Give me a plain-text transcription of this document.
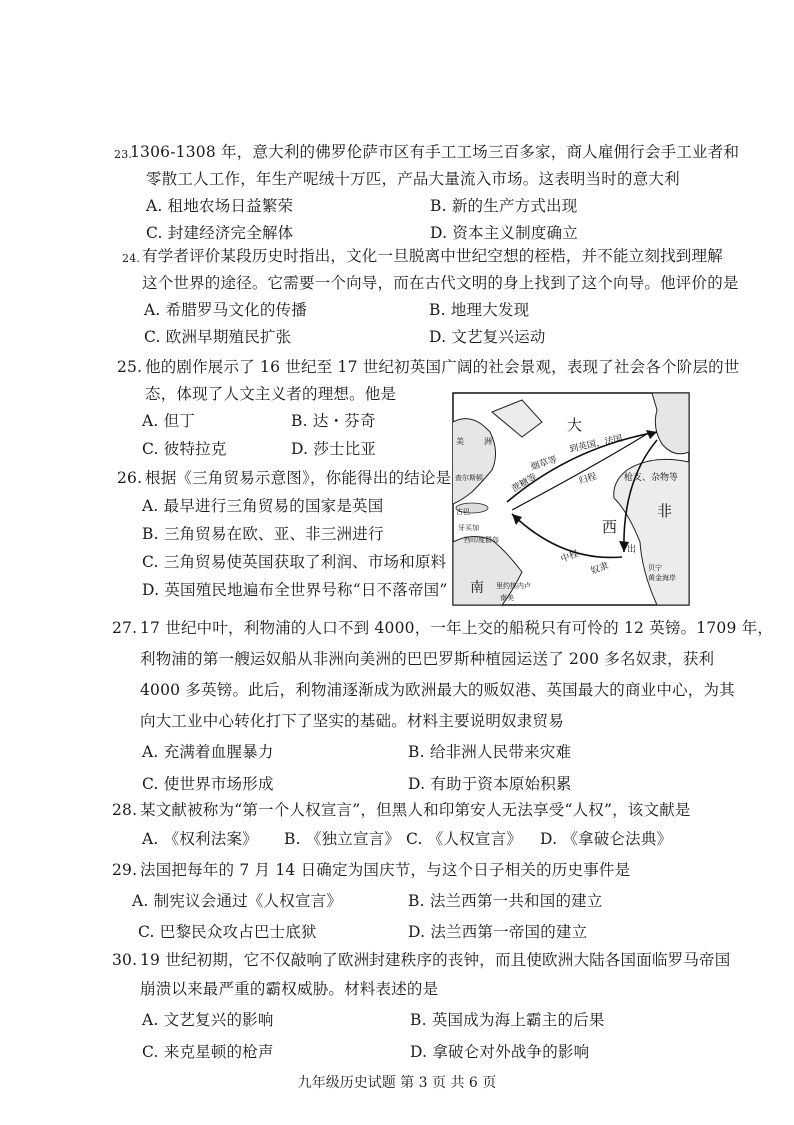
23.
1306-1308 年，意大利的佛罗伦萨市区有手工工场三百多家，商人雇佣行会手工业者和
零散工人工作，年生产呢绒十万匹，产品大量流入市场。这表明当时的意大利
A. 租地农场日益繁荣	B. 新的生产方式出现
C. 封建经济完全解体	D. 资本主义制度确立
24. 有学者评价某段历史时指出，文化一旦脱离中世纪空想的桎梏，并不能立刻找到理解
这个世界的途径。它需要一个向导，而在古代文明的身上找到了这个向导。他评价的是
A. 希腊罗马文化的传播	B. 地理大发现
C. 欧洲早期殖民扩张	D. 文艺复兴运动
25. 他的剧作展示了 16 世纪至 17 世纪初英国广阔的社会景观，表现了社会各个阶层的世
态，体现了人文主义者的理想。他是
A. 但丁	B. 达・芬奇
C. 彼特拉克	D. 莎士比亚
26. 根据《三角贸易示意图》，你能得出的结论是
A. 最早进行三角贸易的国家是英国
B. 三角贸易在欧、亚、非三洲进行
C. 三角贸易使英国获取了利润、市场和原料
D. 英国殖民地遍布全世界号称“日不落帝国”
大
西
非
南
美	洲	到英国、法国
烟草等
归程
蔗糖等	枪支、杂物等
出
中程
奴隶
查尔斯顿
古巴
牙买加
西印度群岛
里约热内卢
贝宁
黄金海岸
南美
27. 17 世纪中叶，利物浦的人口不到 4000，一年上交的船税只有可怜的 12 英镑。1709 年，
利物浦的第一艘运奴船从非洲向美洲的巴巴罗斯种植园运送了 200 多名奴隶，获利
4000 多英镑。此后，利物浦逐渐成为欧洲最大的贩奴港、英国最大的商业中心，为其
向大工业中心转化打下了坚实的基础。材料主要说明奴隶贸易
A. 充满着血腥暴力	B. 给非洲人民带来灾难
C. 使世界市场形成	D. 有助于资本原始积累
28. 某文献被称为“第一个人权宣言”，但黑人和印第安人无法享受“人权”，该文献是
A. 《权利法案》 B. 《独立宣言》 C. 《人权宣言》 D. 《拿破仑法典》
29. 法国把每年的 7 月 14 日确定为国庆节，与这个日子相关的历史事件是
A. 制宪议会通过《人权宣言》	B. 法兰西第一共和国的建立
C. 巴黎民众攻占巴士底狱	D. 法兰西第一帝国的建立
30. 19 世纪初期，它不仅敲响了欧洲封建秩序的丧钟，而且使欧洲大陆各国面临罗马帝国
崩溃以来最严重的霸权威胁。材料表述的是
A. 文艺复兴的影响	B. 英国成为海上霸主的后果
C. 来克星顿的枪声	D. 拿破仑对外战争的影响
九年级历史试题 第 3 页 共 6 页
